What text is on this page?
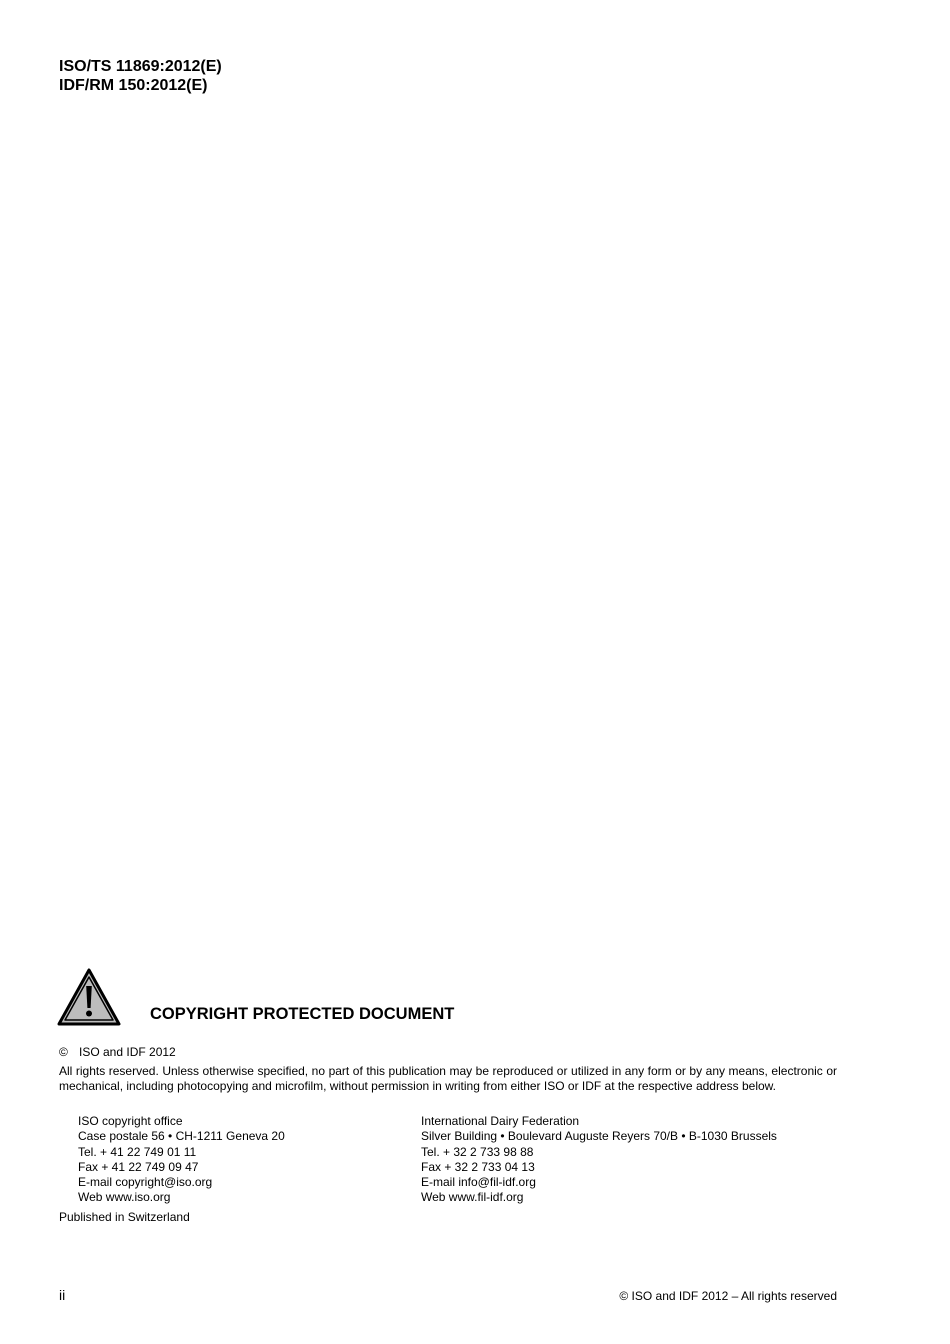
ISO/TS 11869:2012(E)
IDF/RM 150:2012(E)
COPYRIGHT PROTECTED DOCUMENT
© ISO and IDF 2012
All rights reserved. Unless otherwise specified, no part of this publication may be reproduced or utilized in any form or by any means, electronic or mechanical, including photocopying and microfilm, without permission in writing from either ISO or IDF at the respective address below.
ISO copyright office
Case postale 56 • CH-1211 Geneva 20
Tel. + 41 22 749 01 11
Fax + 41 22 749 09 47
E-mail copyright@iso.org
Web www.iso.org
International Dairy Federation
Silver Building • Boulevard Auguste Reyers 70/B • B-1030 Brussels
Tel. + 32 2 733 98 88
Fax + 32 2 733 04 13
E-mail info@fil-idf.org
Web www.fil-idf.org
Published in Switzerland
ii	© ISO and IDF 2012 – All rights reserved
